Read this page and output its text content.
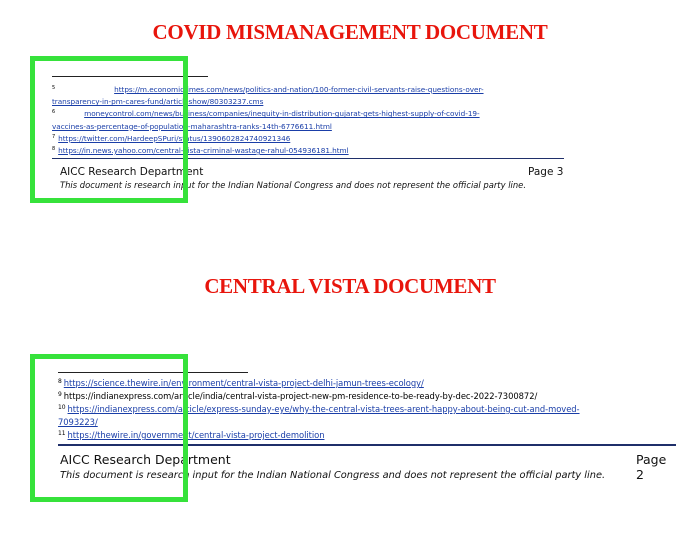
COVID MISMANAGEMENT DOCUMENT
CENTRAL VISTA DOCUMENT
AICC Research Department	Page 3
This document is research input for the Indian National Congress and does not represent the official party line.
$^5$	https://m.economictimes.com/news/politics-and-nation/100-former-civil-servants-raise-questions-over-
transparency-in-pm-cares-fund/articleshow/80303237.cms
$^6$	moneycontrol.com/news/business/companies/inequity-in-distribution-gujarat-gets-highest-supply-of-covid-19-
vaccines-as-percentage-of-population-maharashtra-ranks-14th-6776611.html
$^7$ https://twitter.com/HardeepSPuri/status/1390602824740921346
$^8$ https://in.news.yahoo.com/central-vista-criminal-wastage-rahul-054936181.html
AICC Research Department	Page 2
This document is research input for the Indian National Congress and does not represent the official party line.
$^8$ https://science.thewire.in/environment/central-vista-project-delhi-jamun-trees-ecology/
$^9$ https://indianexpress.com/article/india/central-vista-project-new-pm-residence-to-be-ready-by-dec-2022-7300872/
$^{10}$ https://indianexpress.com/article/express-sunday-eye/why-the-central-vista-trees-arent-happy-about-being-cut-and-moved-
7093223/
$^{11}$ https://thewire.in/government/central-vista-project-demolition
